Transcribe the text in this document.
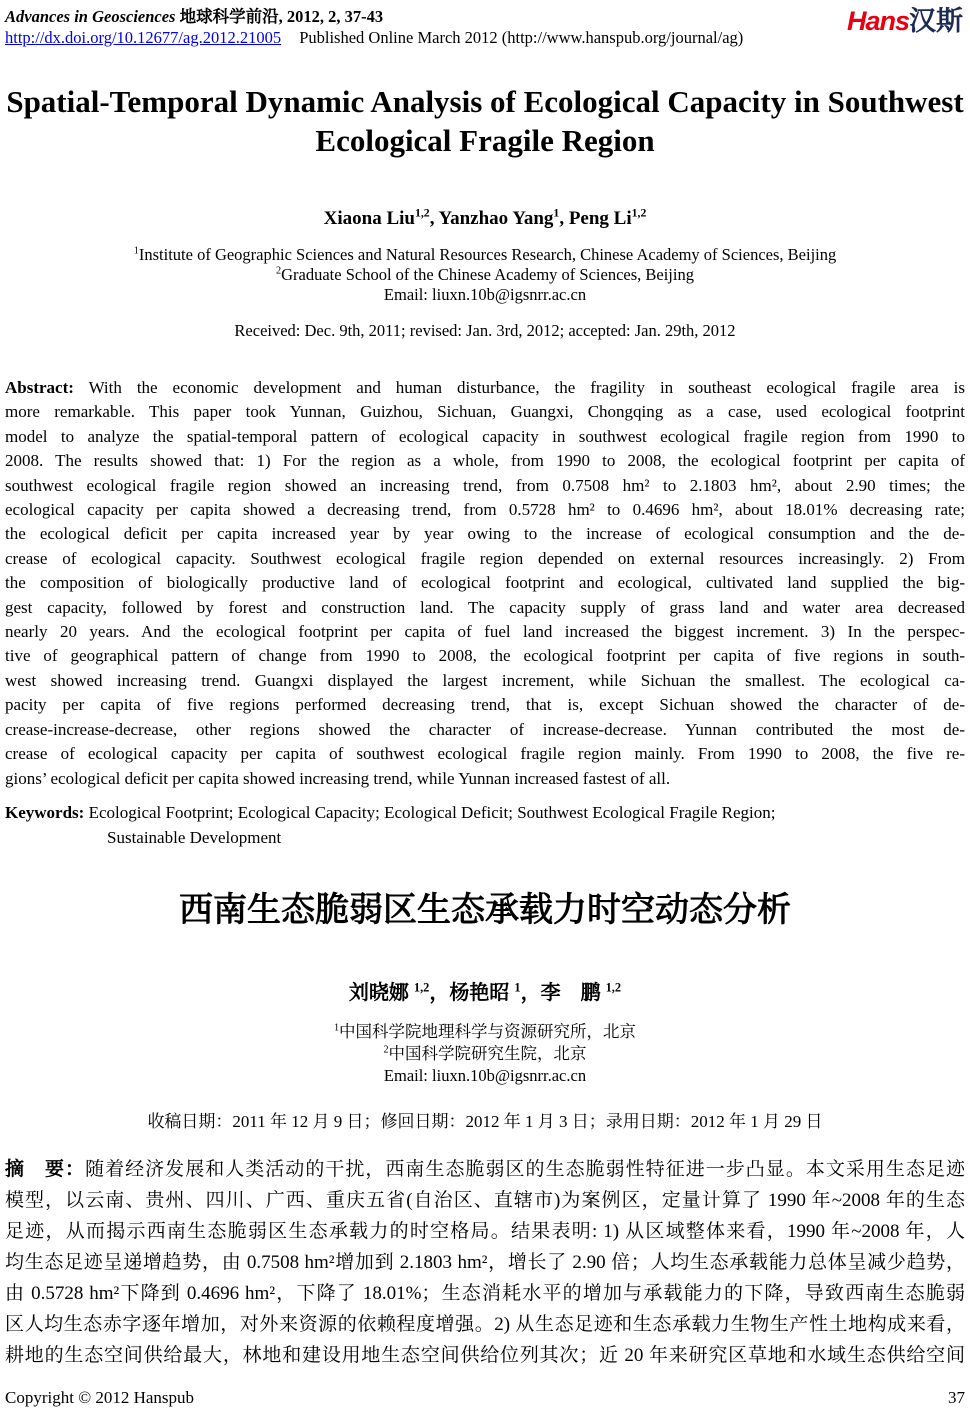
Advances in Geosciences 地球科学前沿, 2012, 2, 37-43
http://dx.doi.org/10.12677/ag.2012.21005 Published Online March 2012 (http://www.hanspub.org/journal/ag)
Hans汉斯
Spatial-Temporal Dynamic Analysis of Ecological Capacity in Southwest Ecological Fragile Region
Xiaona Liu$^{1,2}$, Yanzhao Yang$^1$, Peng Li$^{1,2}$
$^1$Institute of Geographic Sciences and Natural Resources Research, Chinese Academy of Sciences, Beijing
$^2$Graduate School of the Chinese Academy of Sciences, Beijing
Email: liuxn.10b@igsnrr.ac.cn
Received: Dec. 9th, 2011; revised: Jan. 3rd, 2012; accepted: Jan. 29th, 2012
Abstract: With the economic development and human disturbance, the fragility in southeast ecological fragile area is
more remarkable. This paper took Yunnan, Guizhou, Sichuan, Guangxi, Chongqing as a case, used ecological footprint
model to analyze the spatial-temporal pattern of ecological capacity in southwest ecological fragile region from 1990 to
2008. The results showed that: 1) For the region as a whole, from 1990 to 2008, the ecological footprint per capita of
southwest ecological fragile region showed an increasing trend, from 0.7508 hm² to 2.1803 hm², about 2.90 times; the
ecological capacity per capita showed a decreasing trend, from 0.5728 hm² to 0.4696 hm², about 18.01% decreasing rate;
the ecological deficit per capita increased year by year owing to the increase of ecological consumption and the de-
crease of ecological capacity. Southwest ecological fragile region depended on external resources increasingly. 2) From
the composition of biologically productive land of ecological footprint and ecological, cultivated land supplied the big-
gest capacity, followed by forest and construction land. The capacity supply of grass land and water area decreased
nearly 20 years. And the ecological footprint per capita of fuel land increased the biggest increment. 3) In the perspec-
tive of geographical pattern of change from 1990 to 2008, the ecological footprint per capita of five regions in south-
west showed increasing trend. Guangxi displayed the largest increment, while Sichuan the smallest. The ecological ca-
pacity per capita of five regions performed decreasing trend, that is, except Sichuan showed the character of de-
crease-increase-decrease, other regions showed the character of increase-decrease. Yunnan contributed the most de-
crease of ecological capacity per capita of southwest ecological fragile region mainly. From 1990 to 2008, the five re-
gions’ ecological deficit per capita showed increasing trend, while Yunnan increased fastest of all.
Keywords: Ecological Footprint; Ecological Capacity; Ecological Deficit; Southwest Ecological Fragile Region;
Sustainable Development
西南生态脆弱区生态承载力时空动态分析
刘晓娜 $^{1,2}$，杨艳昭 $^1$，李　鹏 $^{1,2}$
$^1$中国科学院地理科学与资源研究所，北京
$^2$中国科学院研究生院，北京
Email: liuxn.10b@igsnrr.ac.cn
收稿日期：2011 年 12 月 9 日；修回日期：2012 年 1 月 3 日；录用日期：2012 年 1 月 29 日
摘　要：随着经济发展和人类活动的干扰，西南生态脆弱区的生态脆弱性特征进一步凸显。本文采用生态足迹
模型，以云南、贵州、四川、广西、重庆五省(自治区、直辖市)为案例区，定量计算了 1990 年~2008 年的生态
足迹，从而揭示西南生态脆弱区生态承载力的时空格局。结果表明: 1) 从区域整体来看，1990 年~2008 年，人
均生态足迹呈递增趋势，由 0.7508 hm²增加到 2.1803 hm²，增长了 2.90 倍；人均生态承载能力总体呈减少趋势，
由 0.5728 hm²下降到 0.4696 hm²，下降了 18.01%；生态消耗水平的增加与承载能力的下降，导致西南生态脆弱
区人均生态赤字逐年增加，对外来资源的依赖程度增强。2) 从生态足迹和生态承载力生物生产性土地构成来看，
耕地的生态空间供给最大，林地和建设用地生态空间供给位列其次；近 20 年来研究区草地和水域生态供给空间
Copyright © 2012 Hanspub	37
